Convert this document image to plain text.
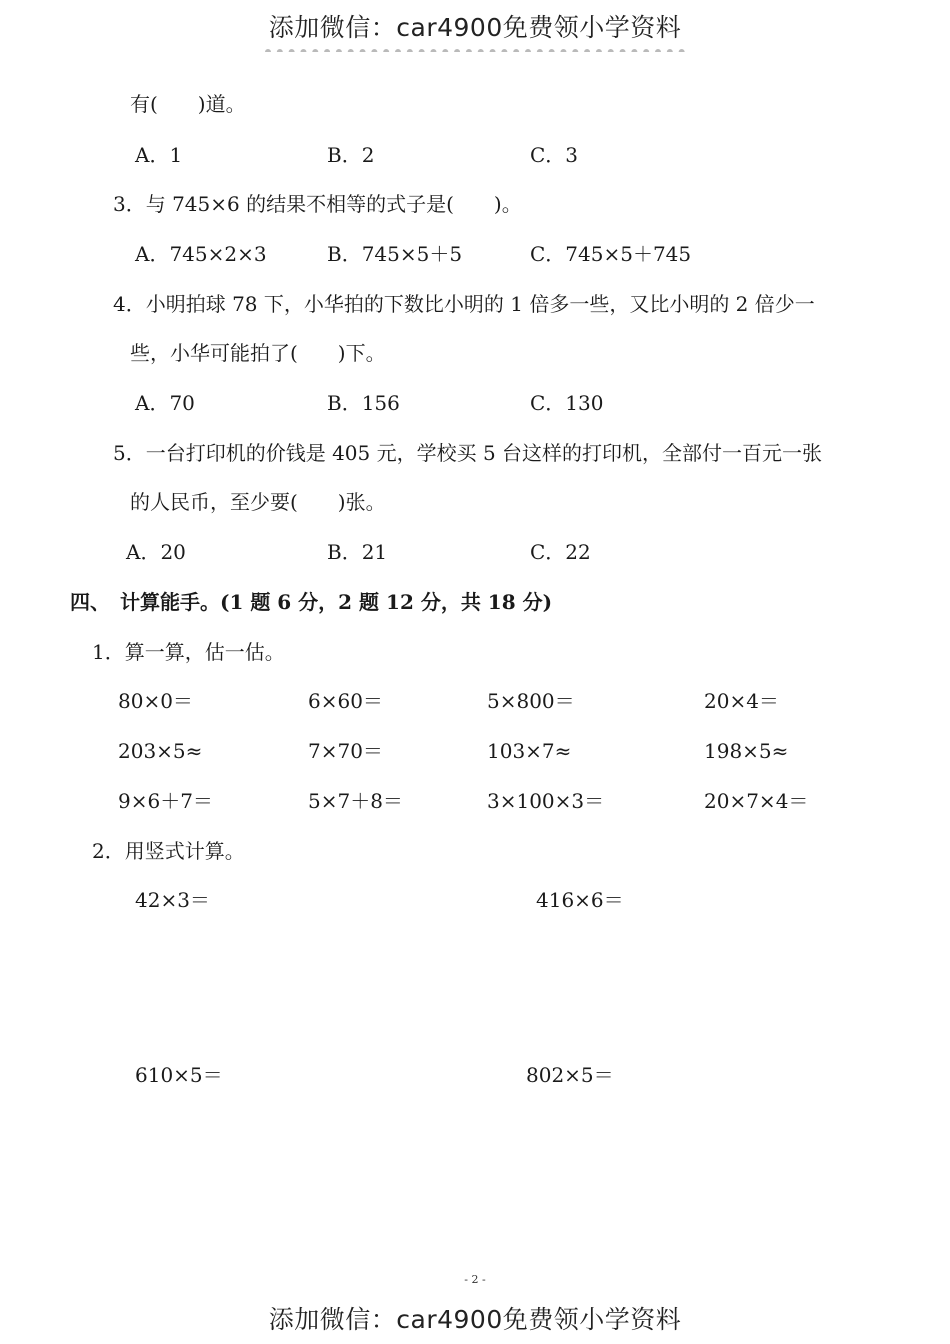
添加微信：car4900免费领小学资料
有(　　)道。
A．1	B．2	C．3
3．与 745×6 的结果不相等的式子是(　　)。
A．745×2×3	B．745×5＋5	C．745×5＋745
4．小明拍球 78 下，小华拍的下数比小明的 1 倍多一些，又比小明的 2 倍少一
些，小华可能拍了(　　)下。
A．70	B．156	C．130
5．一台打印机的价钱是 405 元，学校买 5 台这样的打印机，全部付一百元一张
的人民币，至少要(　　)张。
A．20	B．21	C．22
四、　计算能手。(1 题 6 分，2 题 12 分，共 18 分)
1．算一算，估一估。
80×0＝	6×60＝	5×800＝	20×4＝
203×5≈	7×70＝	103×7≈	198×5≈
9×6＋7＝	5×7＋8＝	3×100×3＝	20×7×4＝
2．用竖式计算。
42×3＝	416×6＝
610×5＝	802×5＝
- 2 -
添加微信：car4900免费领小学资料
